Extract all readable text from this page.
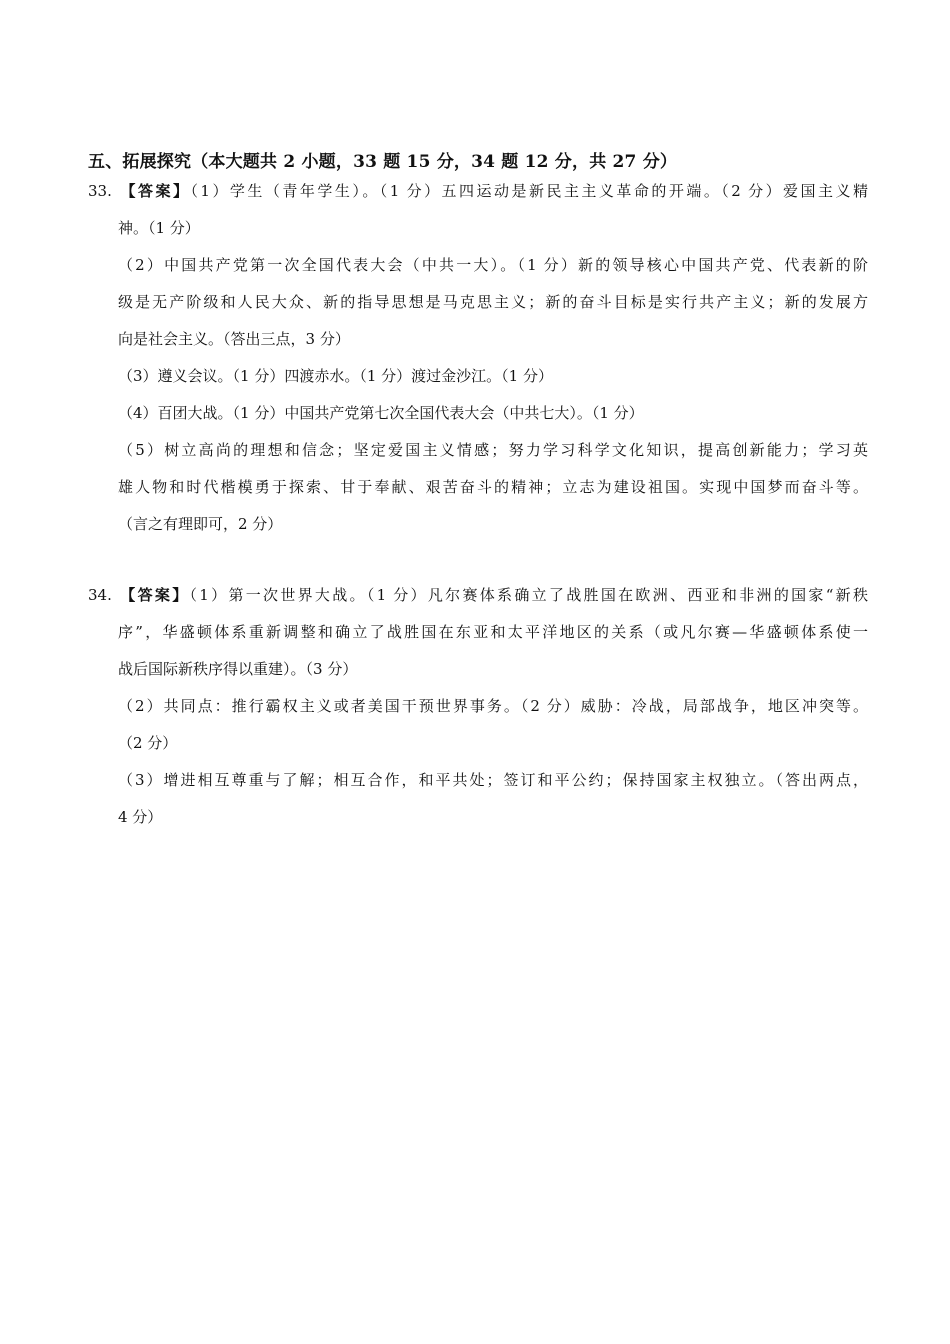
五、拓展探究（本大题共 2 小题，33 题 15 分，34 题 12 分，共 27 分）
33. 【答案】（1）学生（青年学生）。（1 分）五四运动是新民主主义革命的开端。（2 分）爱国主义精
神。（1 分）
（2）中国共产党第一次全国代表大会（中共一大）。（1 分）新的领导核心中国共产党、代表新的阶
级是无产阶级和人民大众、新的指导思想是马克思主义；新的奋斗目标是实行共产主义；新的发展方
向是社会主义。（答出三点，3 分）
（3）遵义会议。（1 分）四渡赤水。（1 分）渡过金沙江。（1 分）
（4）百团大战。（1 分）中国共产党第七次全国代表大会（中共七大）。（1 分）
（5）树立高尚的理想和信念；坚定爱国主义情感；努力学习科学文化知识，提高创新能力；学习英
雄人物和时代楷模勇于探索、甘于奉献、艰苦奋斗的精神；立志为建设祖国。实现中国梦而奋斗等。
（言之有理即可，2 分）
34. 【答案】（1）第一次世界大战。（1 分）凡尔赛体系确立了战胜国在欧洲、西亚和非洲的国家“新秩
序”，华盛顿体系重新调整和确立了战胜国在东亚和太平洋地区的关系（或凡尔赛—华盛顿体系使一
战后国际新秩序得以重建）。（3 分）
（2）共同点：推行霸权主义或者美国干预世界事务。（2 分）威胁：冷战，局部战争，地区冲突等。
（2 分）
（3）增进相互尊重与了解；相互合作，和平共处；签订和平公约；保持国家主权独立。（答出两点，
4 分）
